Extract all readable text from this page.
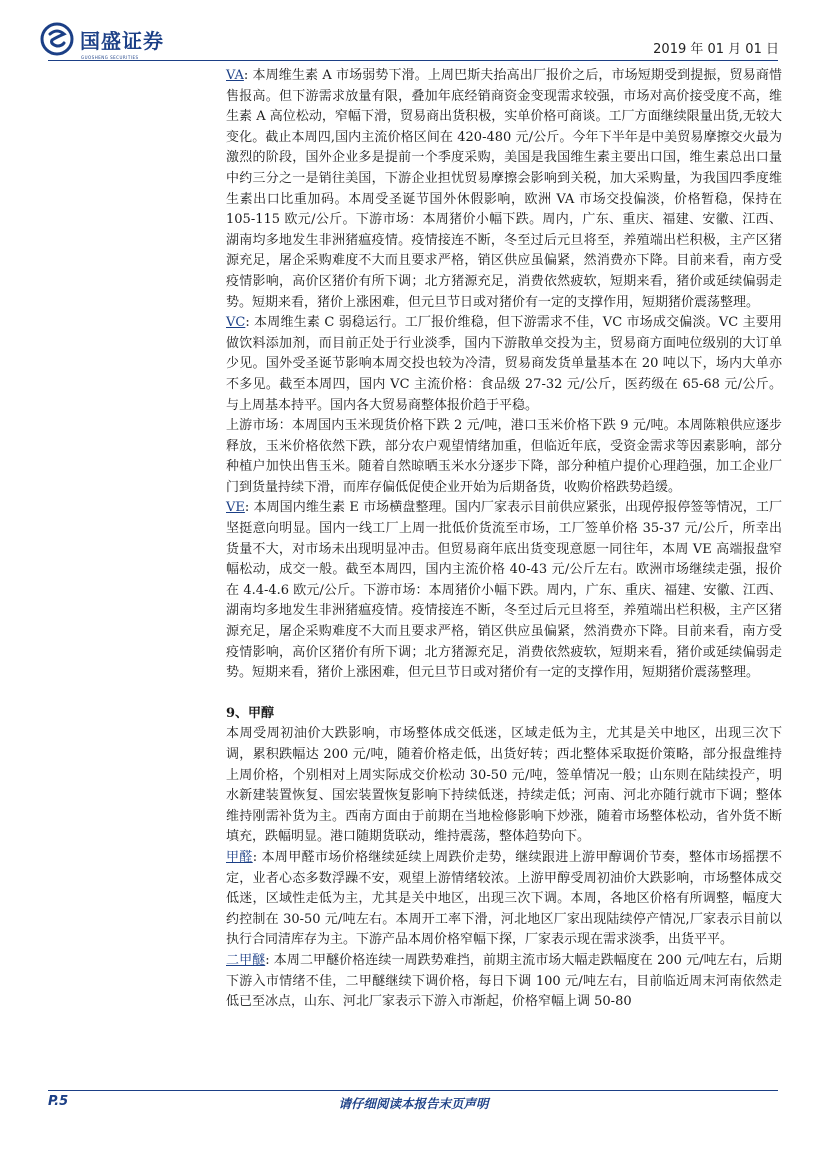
国盛证券
GUOSHENG SECURITIES
2019 年 01 月 01 日

VA: 本周维生素 A 市场弱势下滑。上周巴斯夫抬高出厂报价之后，市场短期受到提振，贸易商惜售报高。但下游需求放量有限，叠加年底经销商资金变现需求较强，市场对高价接受度不高，维生素 A 高位松动，窄幅下滑，贸易商出货积极，实单价格可商谈。工厂方面继续限量出货,无较大变化。截止本周四,国内主流价格区间在 420-480 元/公斤。今年下半年是中美贸易摩擦交火最为激烈的阶段，国外企业多是提前一个季度采购，美国是我国维生素主要出口国，维生素总出口量中约三分之一是销往美国，下游企业担忧贸易摩擦会影响到关税，加大采购量，为我国四季度维生素出口比重加码。本周受圣诞节国外休假影响，欧洲 VA 市场交投偏淡，价格暂稳，保持在 105-115 欧元/公斤。下游市场：本周猪价小幅下跌。周内，广东、重庆、福建、安徽、江西、湖南均多地发生非洲猪瘟疫情。疫情接连不断，冬至过后元旦将至，养殖端出栏积极，主产区猪源充足，屠企采购难度不大而且要求严格，销区供应虽偏紧，然消费亦下降。目前来看，南方受疫情影响，高价区猪价有所下调；北方猪源充足，消费依然疲软，短期来看，猪价或延续偏弱走势。短期来看，猪价上涨困难，但元旦节日或对猪价有一定的支撑作用，短期猪价震荡整理。

VC: 本周维生素 C 弱稳运行。工厂报价维稳，但下游需求不佳，VC 市场成交偏淡。VC 主要用做饮料添加剂，而目前正处于行业淡季，国内下游散单交投为主，贸易商方面吨位级别的大订单少见。国外受圣诞节影响本周交投也较为冷清，贸易商发货单量基本在 20 吨以下，场内大单亦不多见。截至本周四，国内 VC 主流价格：食品级 27-32 元/公斤，医药级在 65-68 元/公斤。与上周基本持平。国内各大贸易商整体报价趋于平稳。

上游市场：本周国内玉米现货价格下跌 2 元/吨，港口玉米价格下跌 9 元/吨。本周陈粮供应逐步释放，玉米价格依然下跌，部分农户观望情绪加重，但临近年底，受资金需求等因素影响，部分种植户加快出售玉米。随着自然晾晒玉米水分逐步下降，部分种植户提价心理趋强，加工企业厂门到货量持续下滑，而库存偏低促使企业开始为后期备货，收购价格跌势趋缓。

VE: 本周国内维生素 E 市场横盘整理。国内厂家表示目前供应紧张，出现停报停签等情况，工厂坚挺意向明显。国内一线工厂上周一批低价货流至市场，工厂签单价格 35-37 元/公斤，所幸出货量不大，对市场未出现明显冲击。但贸易商年底出货变现意愿一同往年，本周 VE 高端报盘窄幅松动，成交一般。截至本周四，国内主流价格 40-43 元/公斤左右。欧洲市场继续走强，报价在 4.4-4.6 欧元/公斤。下游市场：本周猪价小幅下跌。周内，广东、重庆、福建、安徽、江西、湖南均多地发生非洲猪瘟疫情。疫情接连不断，冬至过后元旦将至，养殖端出栏积极，主产区猪源充足，屠企采购难度不大而且要求严格，销区供应虽偏紧，然消费亦下降。目前来看，南方受疫情影响，高价区猪价有所下调；北方猪源充足，消费依然疲软，短期来看，猪价或延续偏弱走势。短期来看，猪价上涨困难，但元旦节日或对猪价有一定的支撑作用，短期猪价震荡整理。

9、甲醇

本周受周初油价大跌影响，市场整体成交低迷，区域走低为主，尤其是关中地区，出现三次下调，累积跌幅达 200 元/吨，随着价格走低，出货好转；西北整体采取挺价策略，部分报盘维持上周价格，个别相对上周实际成交价松动 30-50 元/吨，签单情况一般；山东则在陆续投产，明水新建装置恢复、国宏装置恢复影响下持续低迷，持续走低；河南、河北亦随行就市下调；整体维持刚需补货为主。西南方面由于前期在当地检修影响下炒涨，随着市场整体松动，省外货不断填充，跌幅明显。港口随期货联动，维持震荡，整体趋势向下。

甲醛: 本周甲醛市场价格继续延续上周跌价走势，继续跟进上游甲醇调价节奏，整体市场摇摆不定，业者心态多数浮躁不安，观望上游情绪较浓。上游甲醇受周初油价大跌影响，市场整体成交低迷，区域性走低为主，尤其是关中地区，出现三次下调。本周，各地区价格有所调整，幅度大约控制在 30-50 元/吨左右。本周开工率下滑，河北地区厂家出现陆续停产情况,厂家表示目前以执行合同清库存为主。下游产品本周价格窄幅下探，厂家表示现在需求淡季，出货平平。

二甲醚: 本周二甲醚价格连续一周跌势难挡，前期主流市场大幅走跌幅度在 200 元/吨左右，后期下游入市情绪不佳，二甲醚继续下调价格，每日下调 100 元/吨左右，目前临近周末河南依然走低已至冰点，山东、河北厂家表示下游入市渐起，价格窄幅上调 50-80

P.5	请仔细阅读本报告末页声明
